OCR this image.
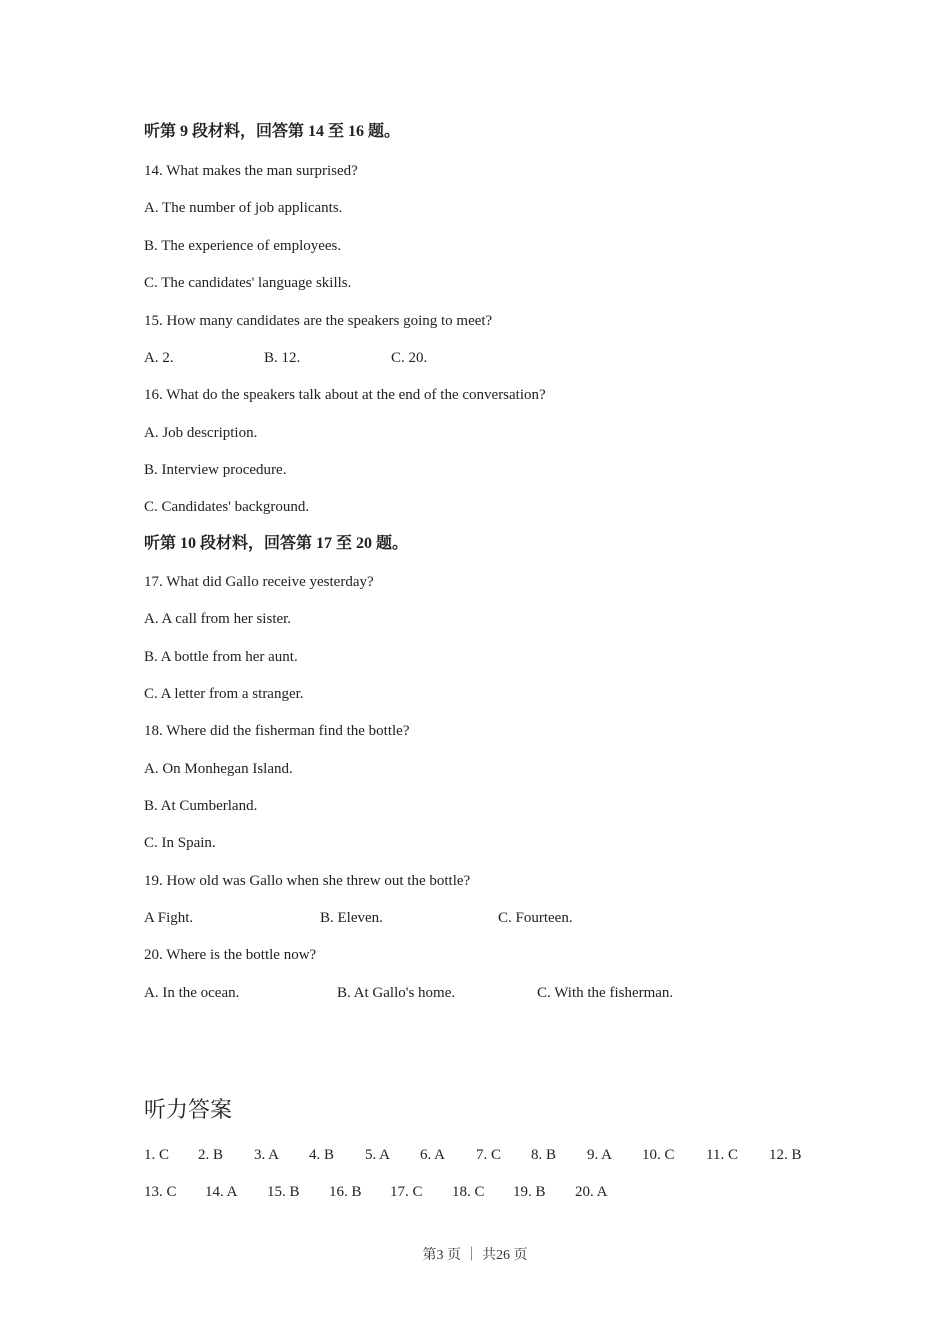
听第 9 段材料，回答第 14 至 16 题。
14. What makes the man surprised?
A. The number of job applicants.
B. The experience of employees.
C. The candidates' language skills.
15. How many candidates are the speakers going to meet?
A. 2.	B. 12.	C. 20.
16. What do the speakers talk about at the end of the conversation?
A. Job description.
B. Interview procedure.
C. Candidates' background.
听第 10 段材料，回答第 17 至 20 题。
17. What did Gallo receive yesterday?
A. A call from her sister.
B. A bottle from her aunt.
C. A letter from a stranger.
18. Where did the fisherman find the bottle?
A. On Monhegan Island.
B. At Cumberland.
C. In Spain.
19. How old was Gallo when she threw out the bottle?
A Fight.	B. Eleven.	C. Fourteen.
20. Where is the bottle now?
A. In the ocean.	B. At Gallo's home.	C. With the fisherman.
听力答案
1. C 2. B 3. A 4. B 5. A 6. A 7. C 8. B 9. A 10. C 11. C 12. B
13. C 14. A 15. B 16. B 17. C 18. C 19. B 20. A
第3 页 ｜ 共26 页
